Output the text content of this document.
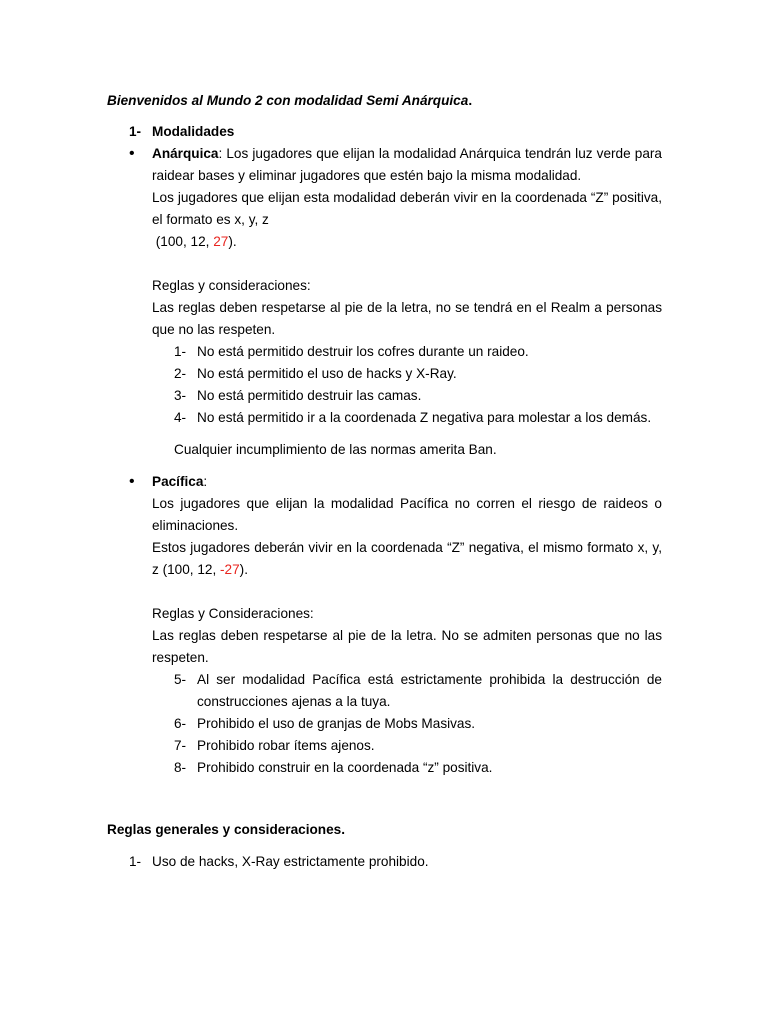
Bienvenidos al Mundo 2 con modalidad Semi Anárquica.

1- Modalidades
• Anárquica: Los jugadores que elijan la modalidad Anárquica tendrán luz verde para raidear bases y eliminar jugadores que estén bajo la misma modalidad.

Los jugadores que elijan esta modalidad deberán vivir en la coordenada “Z” positiva, el formato es x, y, z

(100, 12, 27).

Reglas y consideraciones:

Las reglas deben respetarse al pie de la letra, no se tendrá en el Realm a personas que no las respeten.

1- No está permitido destruir los cofres durante un raideo.
2- No está permitido el uso de hacks y X-Ray.
3- No está permitido destruir las camas.
4- No está permitido ir a la coordenada Z negativa para molestar a los demás.

Cualquier incumplimiento de las normas amerita Ban.

• Pacífica:

Los jugadores que elijan la modalidad Pacífica no corren el riesgo de raideos o eliminaciones.

Estos jugadores deberán vivir en la coordenada “Z” negativa, el mismo formato x, y, z (100, 12, -27).

Reglas y Consideraciones:

Las reglas deben respetarse al pie de la letra. No se admiten personas que no las respeten.

5- Al ser modalidad Pacífica está estrictamente prohibida la destrucción de construcciones ajenas a la tuya.
6- Prohibido el uso de granjas de Mobs Masivas.
7- Prohibido robar ítems ajenos.
8- Prohibido construir en la coordenada “z” positiva.

Reglas generales y consideraciones.

1- Uso de hacks, X-Ray estrictamente prohibido.
